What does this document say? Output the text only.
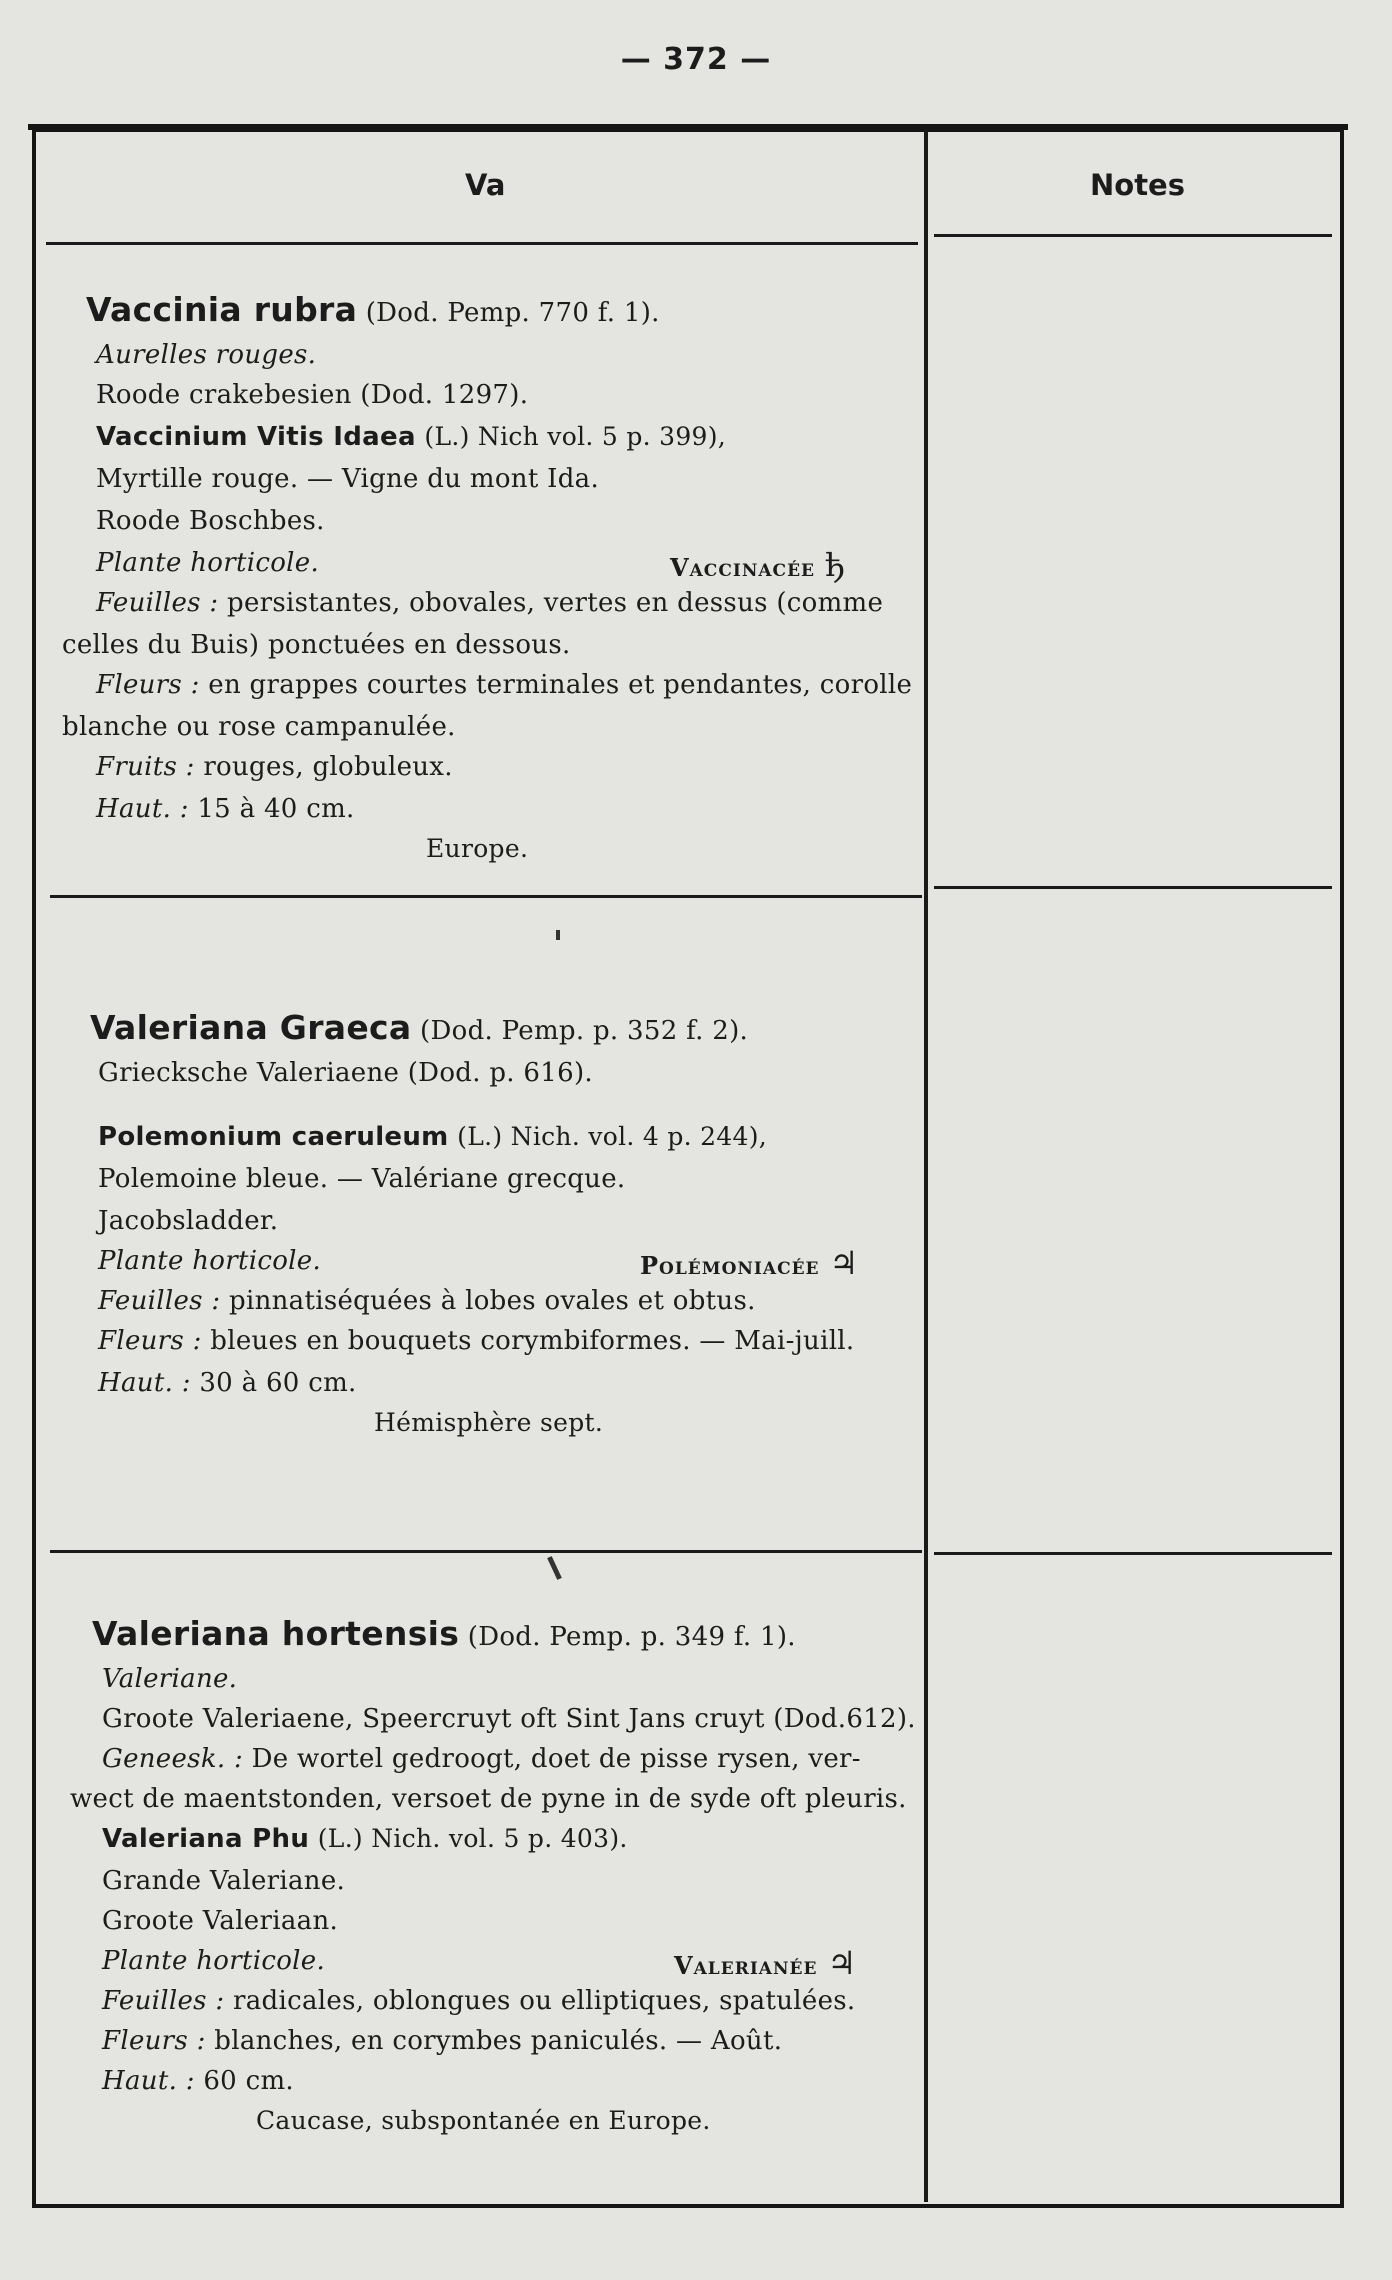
— 372 —
Va	Notes
Vaccinia rubra (Dod. Pemp. 770 f. 1).
Aurelles rouges.
Roode crakebesien (Dod. 1297).
Vaccinium Vitis Idaea (L.) Nich vol. 5 p. 399),
Myrtille rouge. — Vigne du mont Ida.
Roode Boschbes.
Plante horticole.	Vaccinacée ђ
Feuilles : persistantes, obovales, vertes en dessus (comme
celles du Buis) ponctuées en dessous.
Fleurs : en grappes courtes terminales et pendantes, corolle
blanche ou rose campanulée.
Fruits : rouges, globuleux.
Haut. : 15 à 40 cm.
Europe.
Valeriana Graeca (Dod. Pemp. p. 352 f. 2).
Griecksche Valeriaene (Dod. p. 616).
Polemonium caeruleum (L.) Nich. vol. 4 p. 244),
Polemoine bleue. — Valériane grecque.
Jacobsladder.
Plante horticole.	Polémoniacée ♃
Feuilles : pinnatiséquées à lobes ovales et obtus.
Fleurs : bleues en bouquets corymbiformes. — Mai-juill.
Haut. : 30 à 60 cm.
Hémisphère sept.
Valeriana hortensis (Dod. Pemp. p. 349 f. 1).
Valeriane.
Groote Valeriaene, Speercruyt oft Sint Jans cruyt (Dod.612).
Geneesk. : De wortel gedroogt, doet de pisse rysen, ver-
wect de maentstonden, versoet de pyne in de syde oft pleuris.
Valeriana Phu (L.) Nich. vol. 5 p. 403).
Grande Valeriane.
Groote Valeriaan.
Plante horticole.	Valerianée ♃
Feuilles : radicales, oblongues ou elliptiques, spatulées.
Fleurs : blanches, en corymbes paniculés. — Août.
Haut. : 60 cm.
Caucase, subspontanée en Europe.
